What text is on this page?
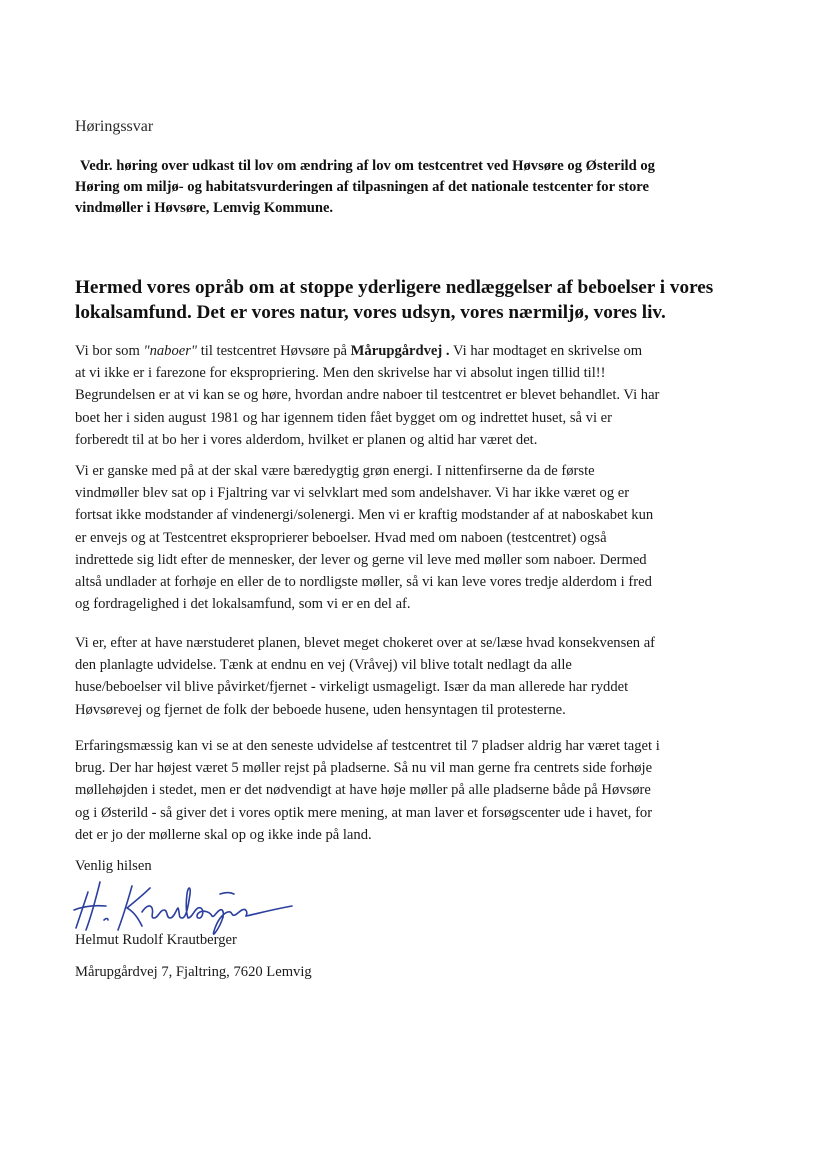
Høringssvar
Vedr. høring over udkast til lov om ændring af lov om testcentret ved Høvsøre og Østerild og
Høring om miljø- og habitatsvurderingen af tilpasningen af det nationale testcenter for store
vindmøller i Høvsøre, Lemvig Kommune.
Hermed vores opråb om at stoppe yderligere nedlæggelser af beboelser i vores
lokalsamfund. Det er vores natur, vores udsyn, vores nærmiljø, vores liv.
Vi bor som "naboer" til testcentret Høvsøre på Mårupgårdvej . Vi har modtaget en skrivelse om
at vi ikke er i farezone for ekspropriering. Men den skrivelse har vi absolut ingen tillid til!!
Begrundelsen er at vi kan se og høre, hvordan andre naboer til testcentret er blevet behandlet. Vi har
boet her i siden august 1981 og har igennem tiden fået bygget om og indrettet huset, så vi er
forberedt til at bo her i vores alderdom, hvilket er planen og altid har været det.
Vi er ganske med på at der skal være bæredygtig grøn energi. I nittenfirserne da de første
vindmøller blev sat op i Fjaltring var vi selvklart med som andelshaver. Vi har ikke været og er
fortsat ikke modstander af vindenergi/solenergi. Men vi er kraftig modstander af at naboskabet kun
er envejs og at Testcentret eksproprierer beboelser. Hvad med om naboen (testcentret) også
indrettede sig lidt efter de mennesker, der lever og gerne vil leve med møller som naboer. Dermed
altså undlader at forhøje en eller de to nordligste møller, så vi kan leve vores tredje alderdom i fred
og fordragelighed i det lokalsamfund, som vi er en del af.
Vi er, efter at have nærstuderet planen, blevet meget chokeret over at se/læse hvad konsekvensen af
den planlagte udvidelse. Tænk at endnu en vej (Vråvej) vil blive totalt nedlagt da alle
huse/beboelser vil blive påvirket/fjernet - virkeligt usmageligt. Især da man allerede har ryddet
Høvsørevej og fjernet de folk der beboede husene, uden hensyntagen til protesterne.
Erfaringsmæssig kan vi se at den seneste udvidelse af testcentret til 7 pladser aldrig har været taget i
brug. Der har højest været 5 møller rejst på pladserne. Så nu vil man gerne fra centrets side forhøje
møllehøjden i stedet, men er det nødvendigt at have høje møller på alle pladserne både på Høvsøre
og i Østerild - så giver det i vores optik mere mening, at man laver et forsøgscenter ude i havet, for
det er jo der møllerne skal op og ikke inde på land.
Venlig hilsen
Helmut Rudolf Krautberger
Mårupgårdvej 7, Fjaltring, 7620 Lemvig
